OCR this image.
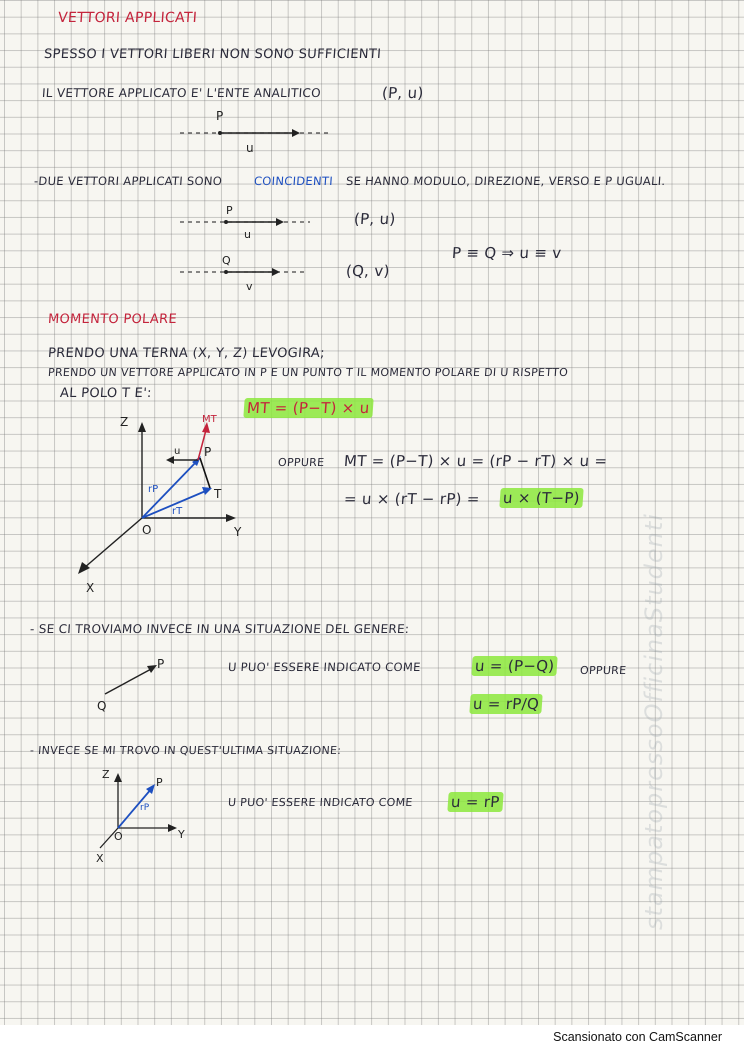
VETTORI APPLICATI

SPESSO I VETTORI LIBERI NON SONO SUFFICIENTI

IL VETTORE APPLICATO E' L'ENTE ANALITICO	(P, u)

P
u

-DUE VETTORI APPLICATI SONO	COINCIDENTI SE HANNO MODULO, DIREZIONE, VERSO E P UGUALI.

P
u
Q
v

(P, u)

(Q, v)

P ≡ Q ⇒ u ≡ v

MOMENTO POLARE

PRENDO UNA TERNA (X, Y, Z) LEVOGIRA;

PRENDO UN VETTORE APPLICATO IN P E UN PUNTO T IL MOMENTO POLARE DI U RISPETTO

AL POLO T E':

MT = (P−T) × u

Z
Y
X
O
P
T
MT
u
rP
rT

OPPURE MT = (P−T) × u = (rP − rT) × u =

= u × (rT − rP) = u × (T−P)

- SE CI TROVIAMO INVECE IN UNA SITUAZIONE DEL GENERE:

P
Q

U PUO' ESSERE INDICATO COME	u = (P−Q) OPPURE

u = rP/Q

- INVECE SE MI TROVO IN QUEST'ULTIMA SITUAZIONE:

Z
Y
X
O
P
rP	U PUO' ESSERE INDICATO COME u = rP	stampatopressoOfficinaStudenti
Scansionato con CamScanner
